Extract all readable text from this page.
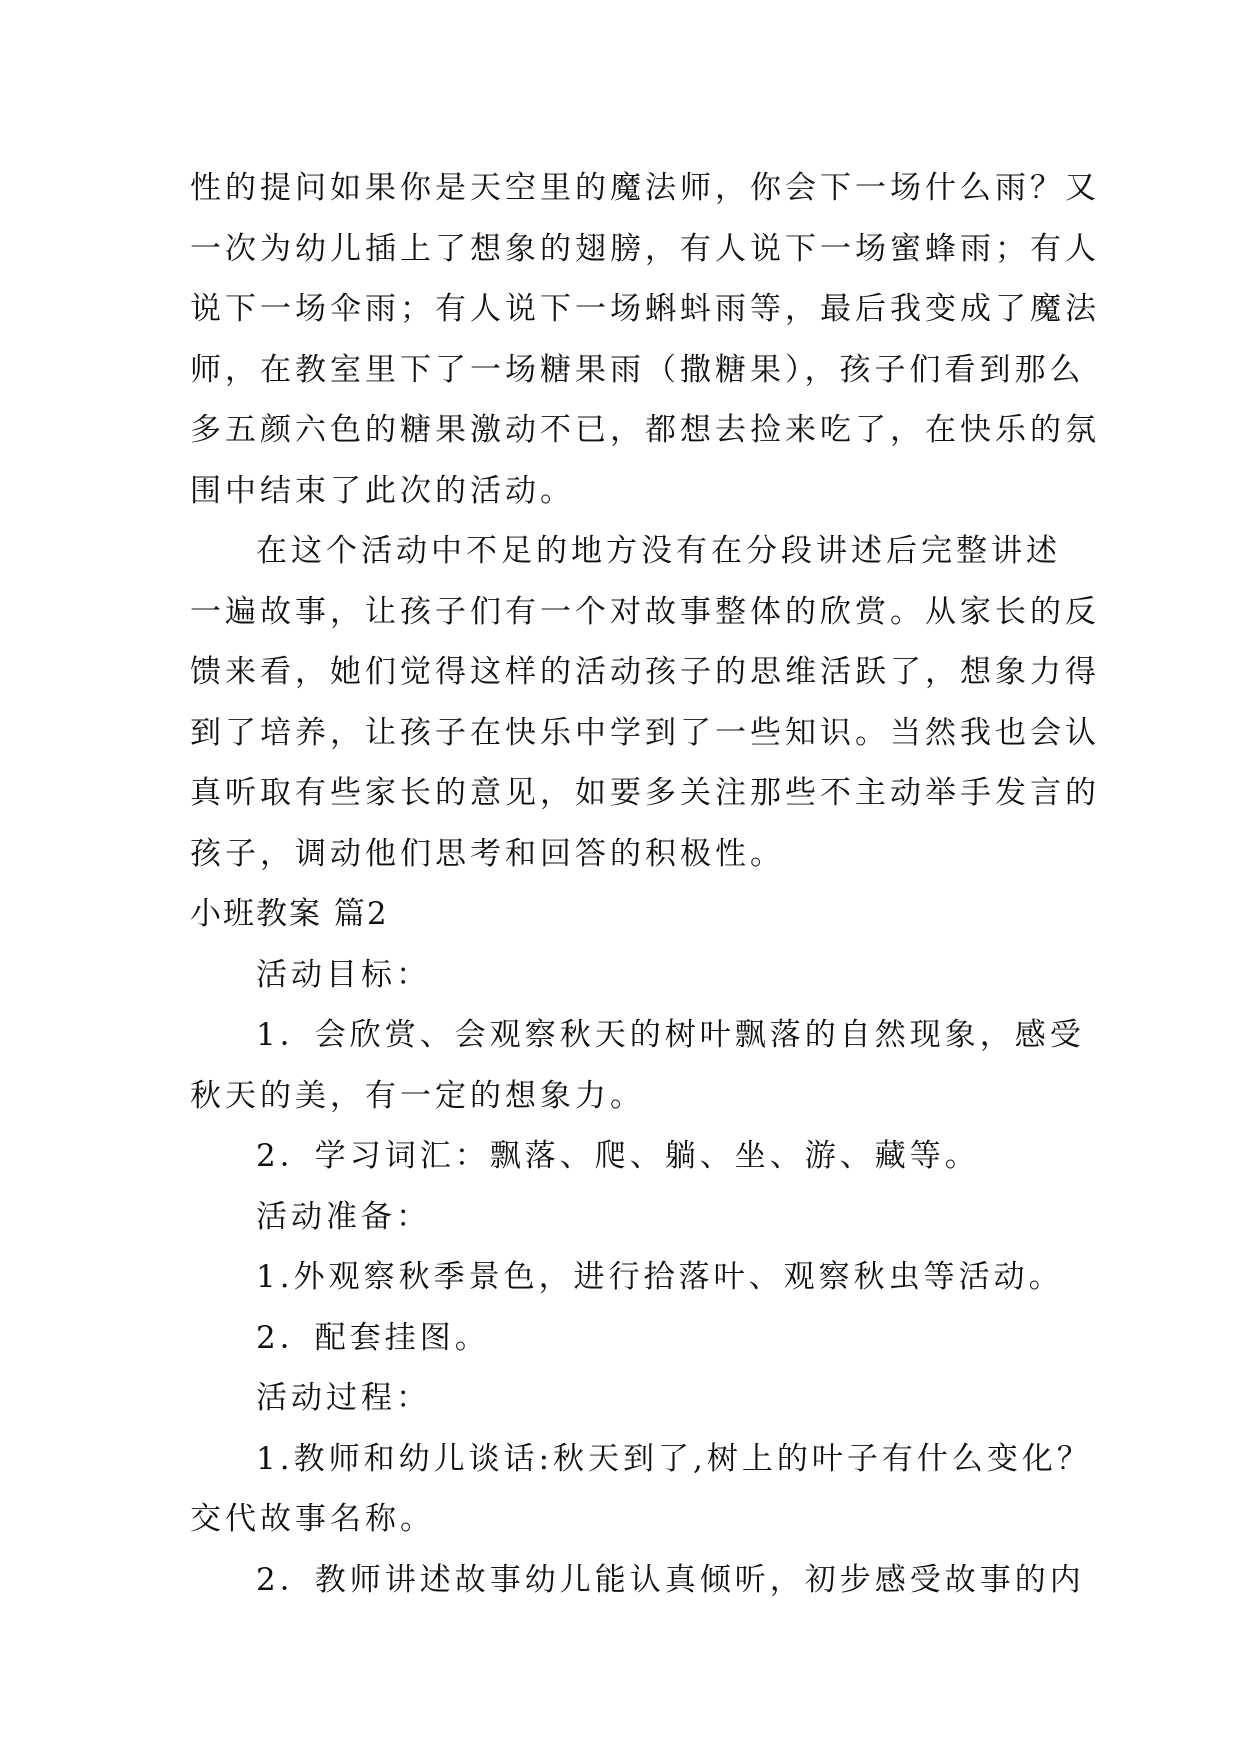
性的提问如果你是天空里的魔法师，你会下一场什么雨？又
一次为幼儿插上了想象的翅膀，有人说下一场蜜蜂雨；有人
说下一场伞雨；有人说下一场蝌蚪雨等，最后我变成了魔法
师，在教室里下了一场糖果雨（撒糖果），孩子们看到那么
多五颜六色的糖果激动不已，都想去捡来吃了，在快乐的氛
围中结束了此次的活动。
在这个活动中不足的地方没有在分段讲述后完整讲述
一遍故事，让孩子们有一个对故事整体的欣赏。从家长的反
馈来看，她们觉得这样的活动孩子的思维活跃了，想象力得
到了培养，让孩子在快乐中学到了一些知识。当然我也会认
真听取有些家长的意见，如要多关注那些不主动举手发言的
孩子，调动他们思考和回答的积极性。
小班教案 篇2
活动目标：
1．会欣赏、会观察秋天的树叶飘落的自然现象，感受
秋天的美，有一定的想象力。
2．学习词汇：飘落、爬、躺、坐、游、藏等。
活动准备：
1.外观察秋季景色，进行拾落叶、观察秋虫等活动。
2．配套挂图。
活动过程：
1.教师和幼儿谈话:秋天到了,树上的叶子有什么变化？
交代故事名称。
2．教师讲述故事幼儿能认真倾听，初步感受故事的内
